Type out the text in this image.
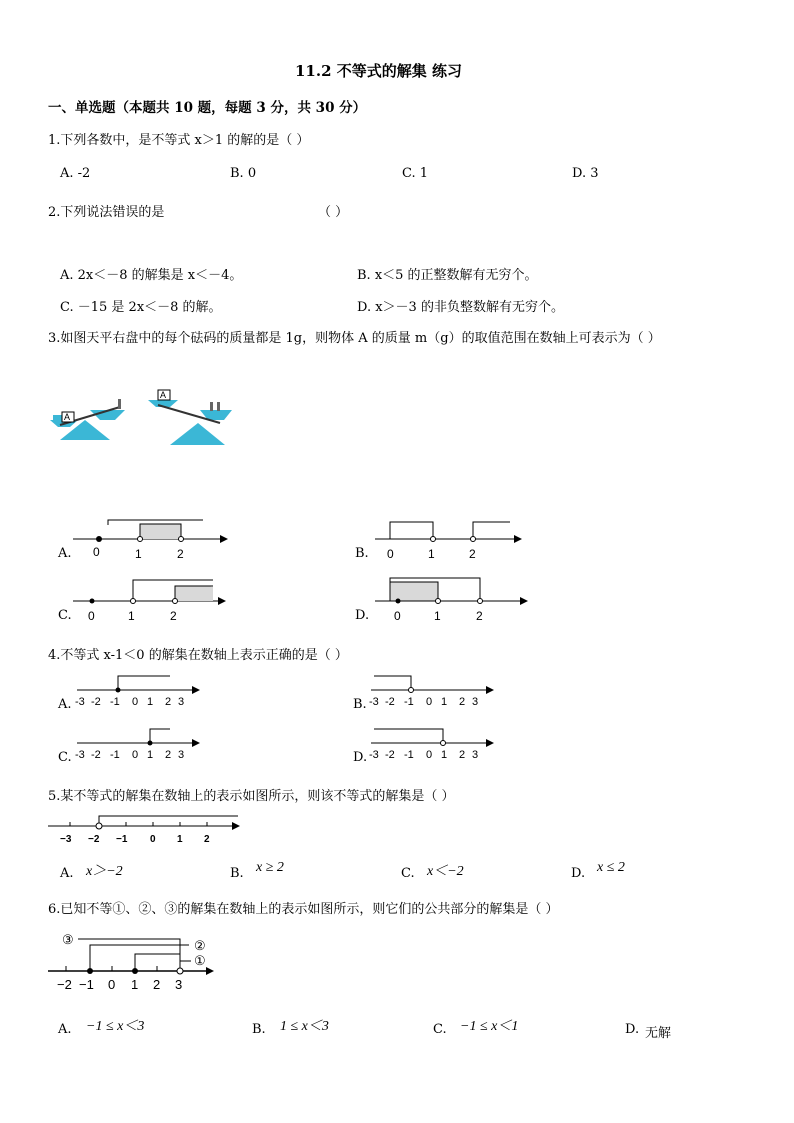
11.2 不等式的解集 练习
一、单选题（本题共 10 题，每题 3 分，共 30 分）
1.下列各数中，是不等式 x＞1 的解的是（ ）
A. -2	B. 0	C. 1	D. 3
2.下列说法错误的是	（ ）
A. 2x＜－8 的解集是 x＜－4。	B. x＜5 的正整数解有无穷个。
C. －15 是 2x＜－8 的解。	D. x＞－3 的非负整数解有无穷个。
3.如图天平右盘中的每个砝码的质量都是 1g，则物体 A 的质量 m（g）的取值范围在数轴上可表示为（ ）
A
A
A. 0	1	2	B. 0	1	2
C. 0	1	2	D. 0	1	2
4.不等式 x-1＜0 的解集在数轴上表示正确的是（ ）
A. -3 -2 -1 0 1 2 3	B. -3 -2 -1 0 1 2 3
C. -3 -2 -1 0 1 2 3	D. -3 -2 -1 0 1 2 3
5.某不等式的解集在数轴上的表示如图所示，则该不等式的解集是（ ）
−3 −2 −1 0 1 2
A. x＞−2	B. x ≥ 2	C. x＜−2	D. x ≤ 2
6.已知不等①、②、③的解集在数轴上的表示如图所示，则它们的公共部分的解集是（ ）
③	②
①
−2 −1 0 1 2 3
A. −1 ≤ x＜3	B. 1 ≤ x＜3	C. −1 ≤ x＜1	D. 无解
